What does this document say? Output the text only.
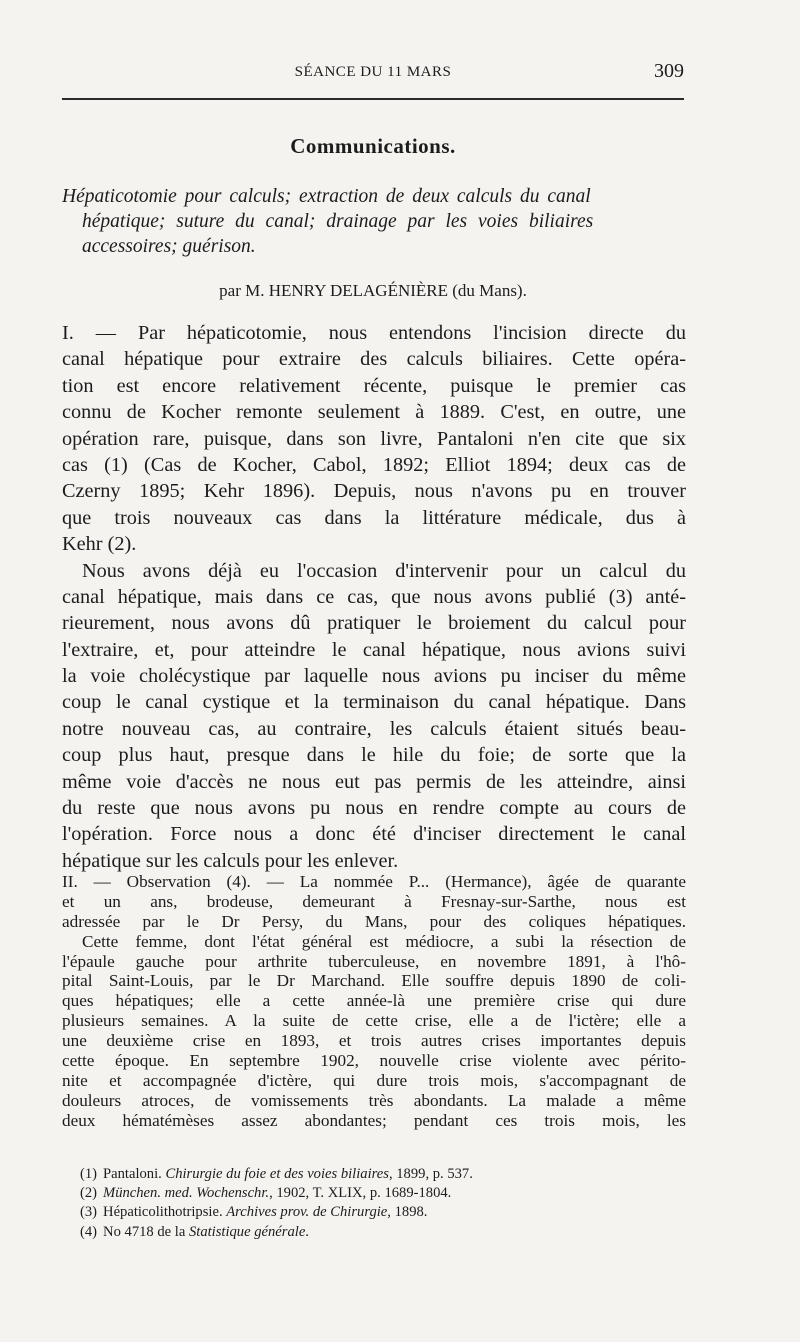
SÉANCE DU 11 MARS	309
Communications.
Hépaticotomie pour calculs; extraction de deux calculs du canal
hépatique; suture du canal; drainage par les voies biliaires
accessoires; guérison.
par M. HENRY DELAGÉNIÈRE (du Mans).
I. — Par hépaticotomie, nous entendons l'incision directe du
canal hépatique pour extraire des calculs biliaires. Cette opéra-
tion est encore relativement récente, puisque le premier cas
connu de Kocher remonte seulement à 1889. C'est, en outre, une
opération rare, puisque, dans son livre, Pantaloni n'en cite que six
cas (1) (Cas de Kocher, Cabol, 1892; Elliot 1894; deux cas de
Czerny 1895; Kehr 1896). Depuis, nous n'avons pu en trouver
que trois nouveaux cas dans la littérature médicale, dus à
Kehr (2).
Nous avons déjà eu l'occasion d'intervenir pour un calcul du
canal hépatique, mais dans ce cas, que nous avons publié (3) anté-
rieurement, nous avons dû pratiquer le broiement du calcul pour
l'extraire, et, pour atteindre le canal hépatique, nous avions suivi
la voie cholécystique par laquelle nous avions pu inciser du même
coup le canal cystique et la terminaison du canal hépatique. Dans
notre nouveau cas, au contraire, les calculs étaient situés beau-
coup plus haut, presque dans le hile du foie; de sorte que la
même voie d'accès ne nous eut pas permis de les atteindre, ainsi
du reste que nous avons pu nous en rendre compte au cours de
l'opération. Force nous a donc été d'inciser directement le canal
hépatique sur les calculs pour les enlever.
II. — Observation (4). — La nommée P... (Hermance), âgée de quarante
et un ans, brodeuse, demeurant à Fresnay-sur-Sarthe, nous est
adressée par le Dr Persy, du Mans, pour des coliques hépatiques.
Cette femme, dont l'état général est médiocre, a subi la résection de
l'épaule gauche pour arthrite tuberculeuse, en novembre 1891, à l'hô-
pital Saint-Louis, par le Dr Marchand. Elle souffre depuis 1890 de coli-
ques hépatiques; elle a cette année-là une première crise qui dure
plusieurs semaines. A la suite de cette crise, elle a de l'ictère; elle a
une deuxième crise en 1893, et trois autres crises importantes depuis
cette époque. En septembre 1902, nouvelle crise violente avec périto-
nite et accompagnée d'ictère, qui dure trois mois, s'accompagnant de
douleurs atroces, de vomissements très abondants. La malade a même
deux hématémèses assez abondantes; pendant ces trois mois, les
(1) Pantaloni. Chirurgie du foie et des voies biliaires, 1899, p. 537.
(2) München. med. Wochenschr., 1902, T. XLIX, p. 1689-1804.
(3) Hépaticolithotripsie. Archives prov. de Chirurgie, 1898.
(4) No 4718 de la Statistique générale.
